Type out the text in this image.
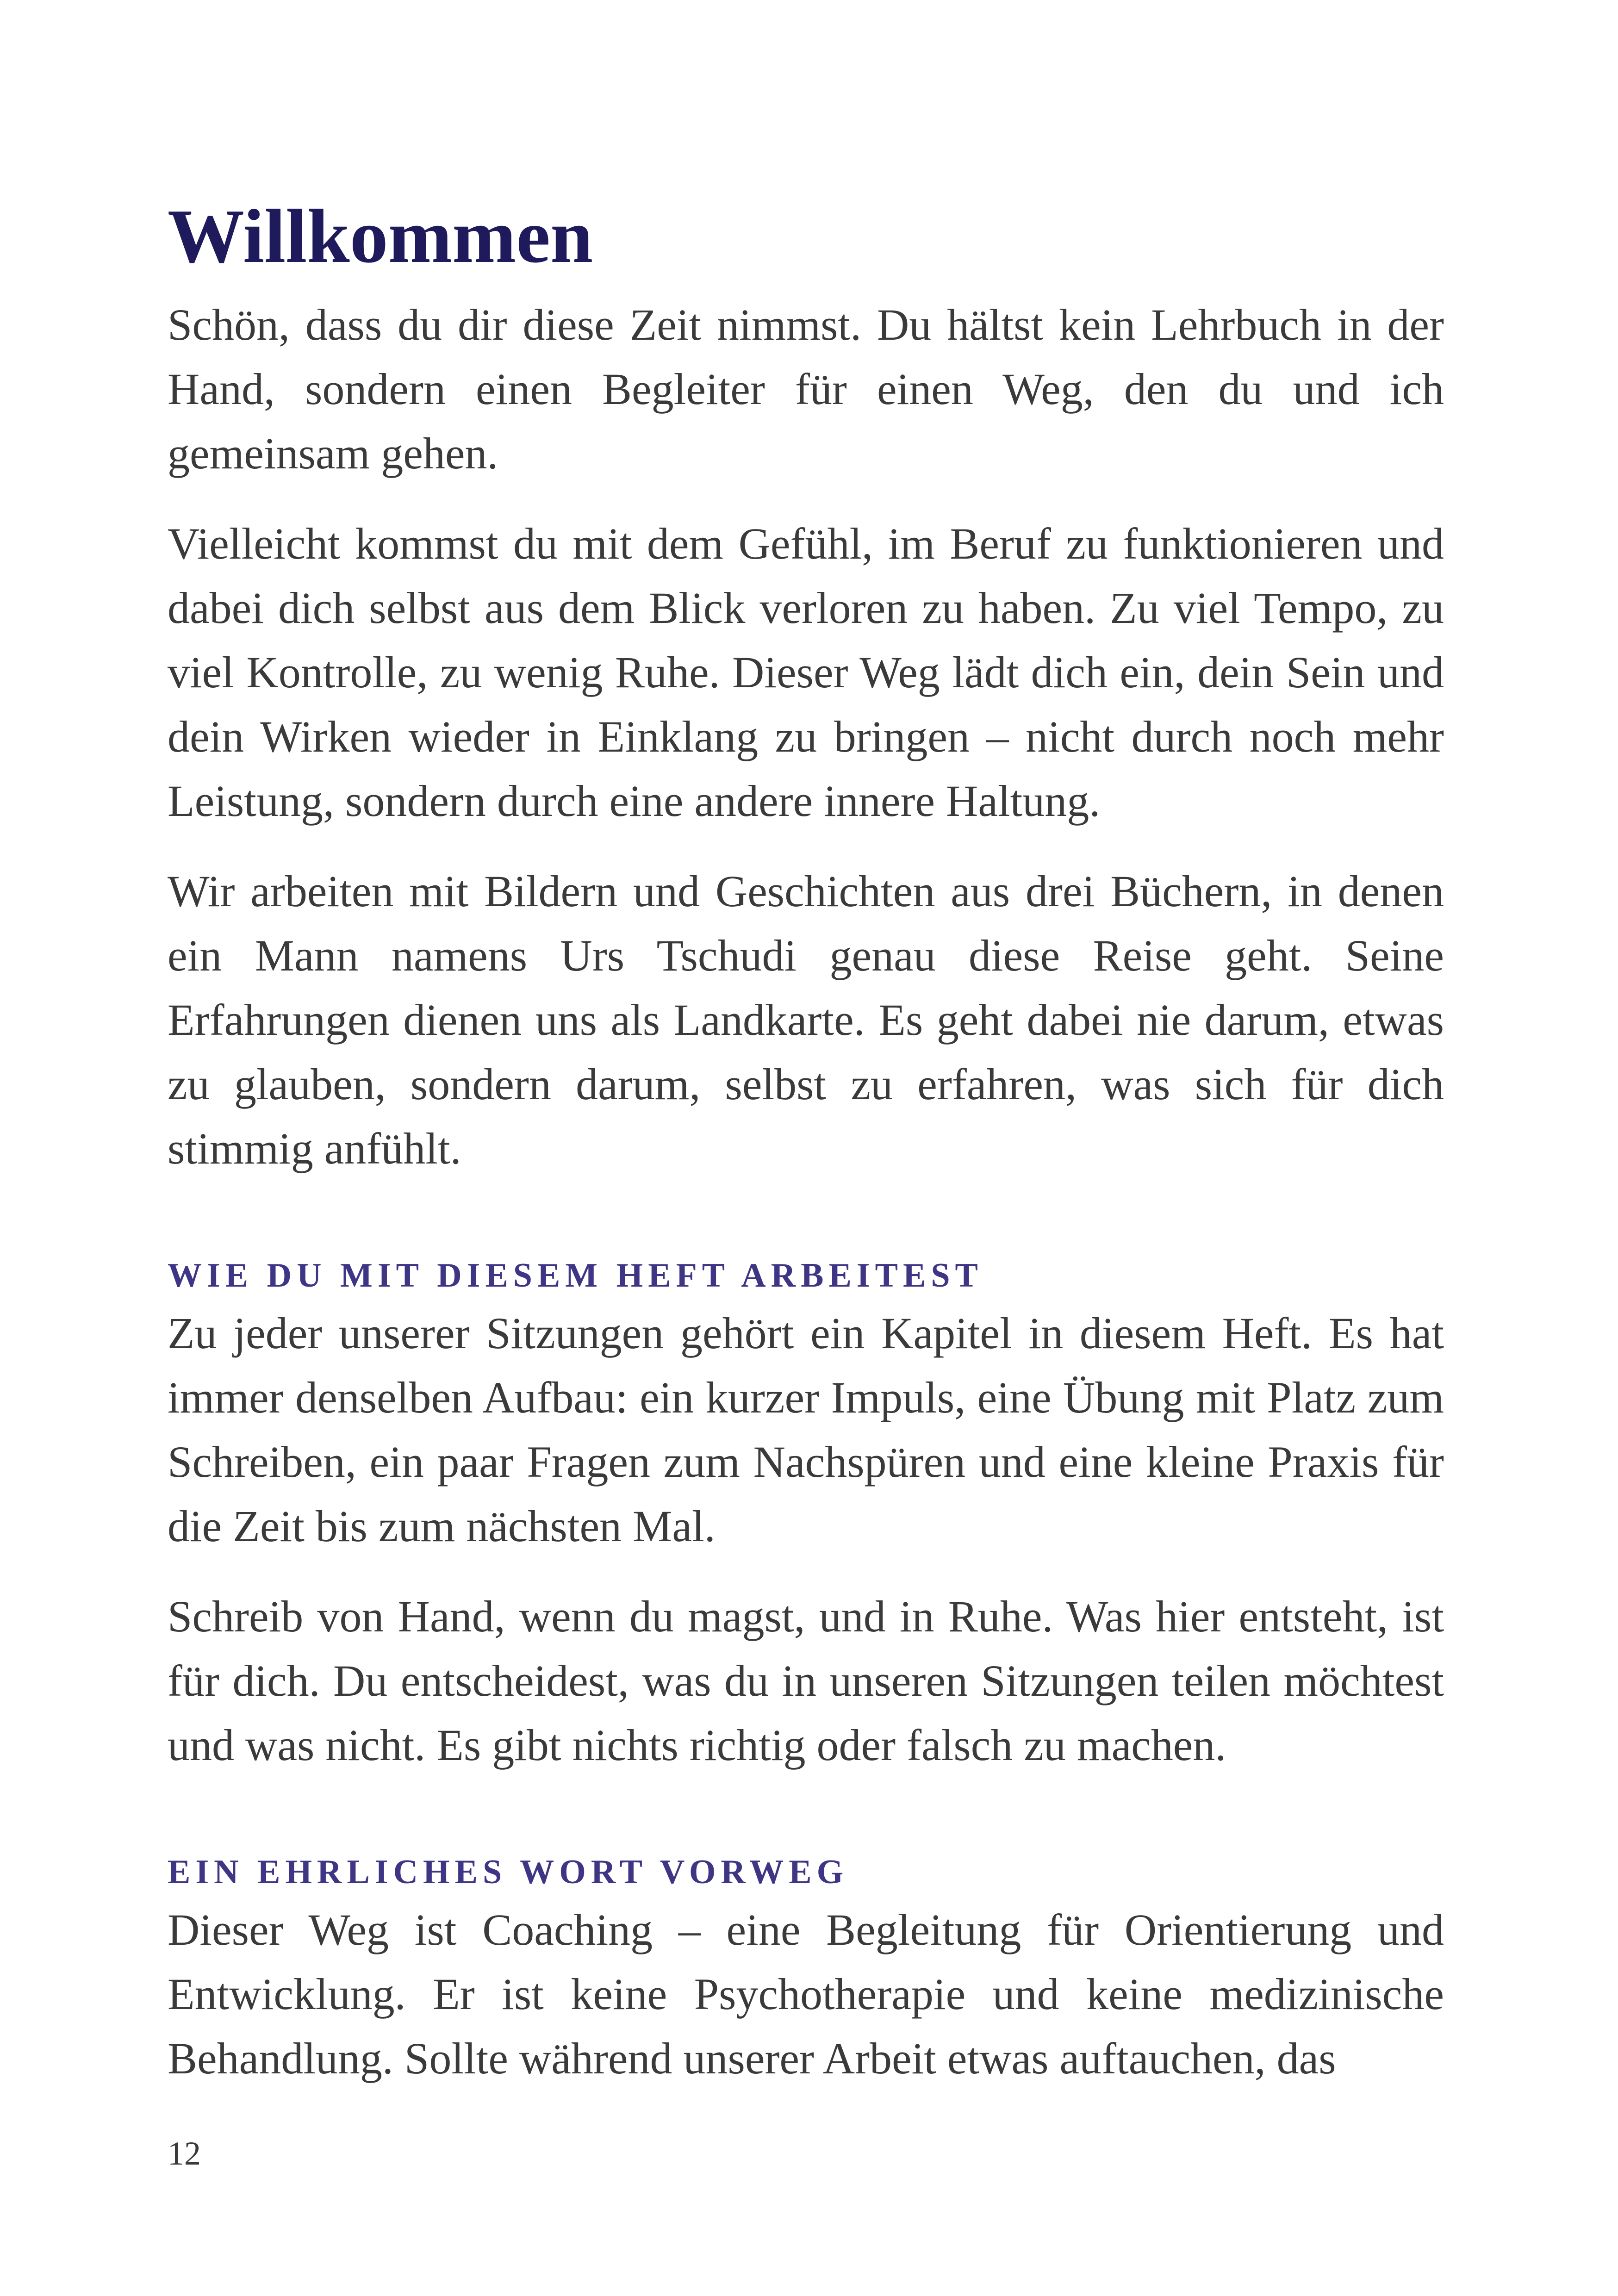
Willkommen

Schön, dass du dir diese Zeit nimmst. Du hältst kein Lehrbuch in der Hand, sondern einen Begleiter für einen Weg, den du und ich gemeinsam gehen.

Vielleicht kommst du mit dem Gefühl, im Beruf zu funktionieren und dabei dich selbst aus dem Blick verloren zu haben. Zu viel Tempo, zu viel Kontrolle, zu wenig Ruhe. Dieser Weg lädt dich ein, dein Sein und dein Wirken wieder in Einklang zu bringen – nicht durch noch mehr Leistung, sondern durch eine andere innere Haltung.

Wir arbeiten mit Bildern und Geschichten aus drei Büchern, in denen ein Mann namens Urs Tschudi genau diese Reise geht. Seine Erfahrungen dienen uns als Landkarte. Es geht dabei nie darum, etwas zu glauben, sondern darum, selbst zu erfahren, was sich für dich stimmig anfühlt.

WIE DU MIT DIESEM HEFT ARBEITEST

Zu jeder unserer Sitzungen gehört ein Kapitel in diesem Heft. Es hat immer denselben Aufbau: ein kurzer Impuls, eine Übung mit Platz zum Schreiben, ein paar Fragen zum Nachspüren und eine kleine Praxis für die Zeit bis zum nächsten Mal.

Schreib von Hand, wenn du magst, und in Ruhe. Was hier entsteht, ist für dich. Du entscheidest, was du in unseren Sitzungen teilen möchtest und was nicht. Es gibt nichts richtig oder falsch zu machen.

EIN EHRLICHES WORT VORWEG

Dieser Weg ist Coaching – eine Begleitung für Orientierung und Entwicklung. Er ist keine Psychotherapie und keine medizinische Behandlung. Sollte während unserer Arbeit etwas auftauchen, das

12
